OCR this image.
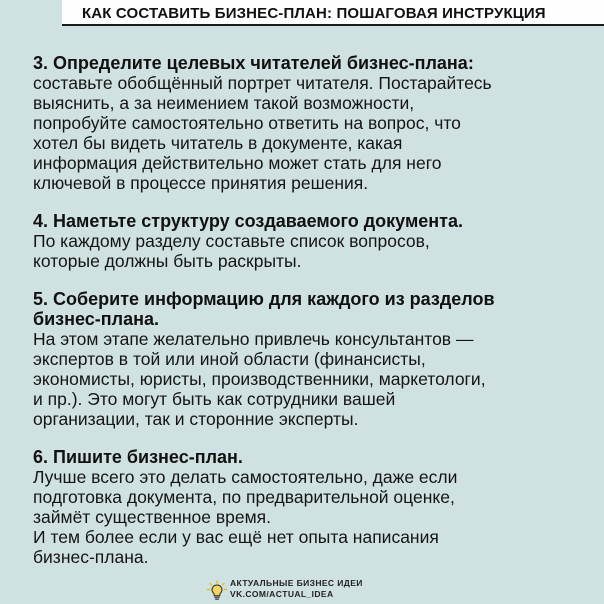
КАК СОСТАВИТЬ БИЗНЕС-ПЛАН: ПОШАГОВАЯ ИНСТРУКЦИЯ
3. Определите целевых читателей бизнес-плана:
составьте обобщённый портрет читателя. Постарайтесь
выяснить, а за неимением такой возможности,
попробуйте самостоятельно ответить на вопрос, что
хотел бы видеть читатель в документе, какая
информация действительно может стать для него
ключевой в процессе принятия решения.
4. Наметьте структуру создаваемого документа.
По каждому разделу составьте список вопросов,
которые должны быть раскрыты.
5. Соберите информацию для каждого из разделов
бизнес-плана.
На этом этапе желательно привлечь консультантов —
экспертов в той или иной области (финансисты,
экономисты, юристы, производственники, маркетологи,
и пр.). Это могут быть как сотрудники вашей
организации, так и сторонние эксперты.
6. Пишите бизнес-план.
Лучше всего это делать самостоятельно, даже если
подготовка документа, по предварительной оценке,
займёт существенное время.
И тем более если у вас ещё нет опыта написания
бизнес-плана.
АКТУАЛЬНЫЕ БИЗНЕС ИДЕИ
VK.COM/ACTUAL_IDEA
